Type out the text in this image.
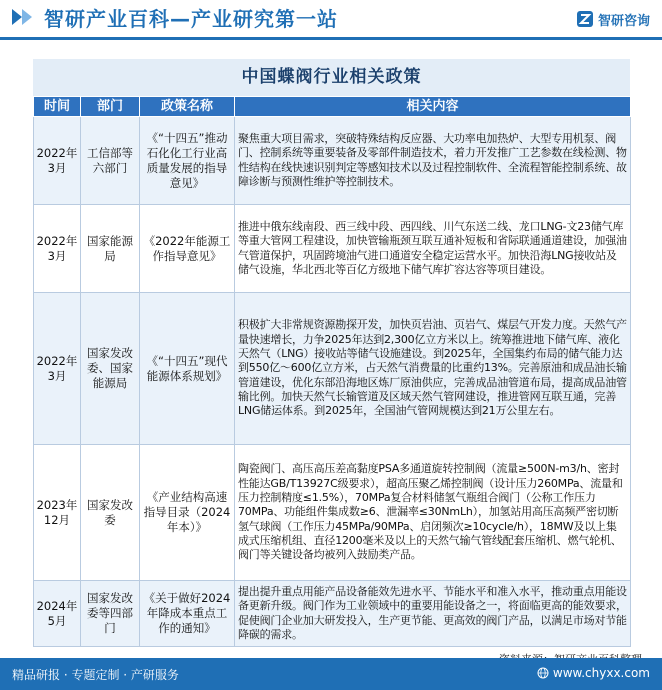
智研产业百科—产业研究第一站	智研咨询
中国蝶阀行业相关政策
时间	部门	政策名称	相关内容
2022年3月	工信部等六部门	《“十四五”推动石化化工行业高质量发展的指导意见》	聚焦重大项目需求，突破特殊结构反应器、大功率电加热炉、大型专用机泵、阀门、控制系统等重要装备及零部件制造技术，着力开发推广工艺参数在线检测、物性结构在线快速识别判定等感知技术以及过程控制软件、全流程智能控制系统、故障诊断与预测性维护等控制技术。
2022年3月	国家能源局	《2022年能源工作指导意见》	推进中俄东线南段、西三线中段、西四线、川气东送二线、龙口LNG-文23储气库等重大管网工程建设，加快管输瓶颈互联互通补短板和省际联通通道建设，加强油气管道保护，巩固跨境油气进口通道安全稳定运营水平。加快沿海LNG接收站及储气设施，华北西北等百亿方级地下储气库扩容达容等项目建设。
2022年3月	国家发改委、国家能源局	《“十四五”现代能源体系规划》	积极扩大非常规资源勘探开发，加快页岩油、页岩气、煤层气开发力度。天然气产量快速增长，力争2025年达到2,300亿立方米以上。统筹推进地下储气库、液化天然气（LNG）接收站等储气设施建设。到2025年，全国集约布局的储气能力达到550亿～600亿立方米，占天然气消费量的比重约13%。完善原油和成品油长输管道建设，优化东部沿海地区炼厂原油供应，完善成品油管道布局，提高成品油管输比例。加快天然气长输管道及区域天然气管网建设，推进管网互联互通，完善LNG储运体系。到2025年，全国油气管网规模达到21万公里左右。
2023年12月	国家发改委	《产业结构高速指导目录（2024年本）》	陶瓷阀门、高压高压差高黏度PSA多通道旋转控制阀（流量≥500N-m3/h、密封性能达GB/T13927C级要求），超高压聚乙烯控制阀（设计压力260MPa、流量和压力控制精度≤1.5%），70MPa复合材料储氢气瓶组合阀门（公称工作压力70MPa、功能组件集成数≥6、泄漏率≤30NmLh），加氢站用高压高频严密切断氢气球阀（工作压力45MPa/90MPa、启闭频次≥10cycle/h），18MW及以上集成式压缩机组、直径1200毫米及以上的天然气输气管线配套压缩机、燃气轮机、阀门等关键设备均被列入鼓励类产品。
2024年5月	国家发改委等四部门	《关于做好2024年降成本重点工作的通知》	提出提升重点用能产品设备能效先进水平、节能水平和准入水平，推动重点用能设备更新升级。阀门作为工业领域中的重要用能设备之一，将面临更高的能效要求，促使阀门企业加大研发投入，生产更节能、更高效的阀门产品，以满足市场对节能降碳的需求。
精品研报 · 专题定制 · 产研服务	www.chyxx.com
